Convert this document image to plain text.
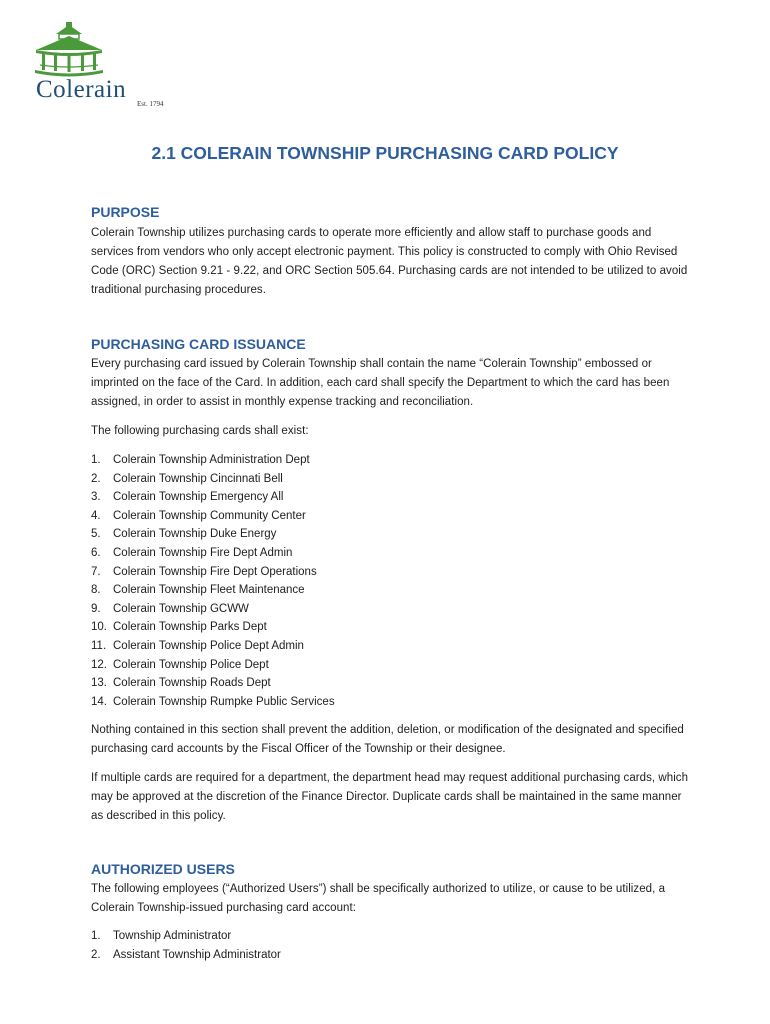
Colerain
Est. 1794
2.1 COLERAIN TOWNSHIP PURCHASING CARD POLICY
PURPOSE

Colerain Township utilizes purchasing cards to operate more efficiently and allow staff to purchase goods and services from vendors who only accept electronic payment. This policy is constructed to comply with Ohio Revised Code (ORC) Section 9.21 - 9.22, and ORC Section 505.64. Purchasing cards are not intended to be utilized to avoid traditional purchasing procedures.

PURCHASING CARD ISSUANCE

Every purchasing card issued by Colerain Township shall contain the name “Colerain Township” embossed or imprinted on the face of the Card. In addition, each card shall specify the Department to which the card has been assigned, in order to assist in monthly expense tracking and reconciliation.

The following purchasing cards shall exist:

1. Colerain Township Administration Dept
2. Colerain Township Cincinnati Bell
3. Colerain Township Emergency All
4. Colerain Township Community Center
5. Colerain Township Duke Energy
6. Colerain Township Fire Dept Admin
7. Colerain Township Fire Dept Operations
8. Colerain Township Fleet Maintenance
9. Colerain Township GCWW
10. Colerain Township Parks Dept
11. Colerain Township Police Dept Admin
12. Colerain Township Police Dept
13. Colerain Township Roads Dept
14. Colerain Township Rumpke Public Services

Nothing contained in this section shall prevent the addition, deletion, or modification of the designated and specified purchasing card accounts by the Fiscal Officer of the Township or their designee.

If multiple cards are required for a department, the department head may request additional purchasing cards, which may be approved at the discretion of the Finance Director. Duplicate cards shall be maintained in the same manner as described in this policy.

AUTHORIZED USERS

The following employees (“Authorized Users”) shall be specifically authorized to utilize, or cause to be utilized, a Colerain Township-issued purchasing card account:

1. Township Administrator
2. Assistant Township Administrator
